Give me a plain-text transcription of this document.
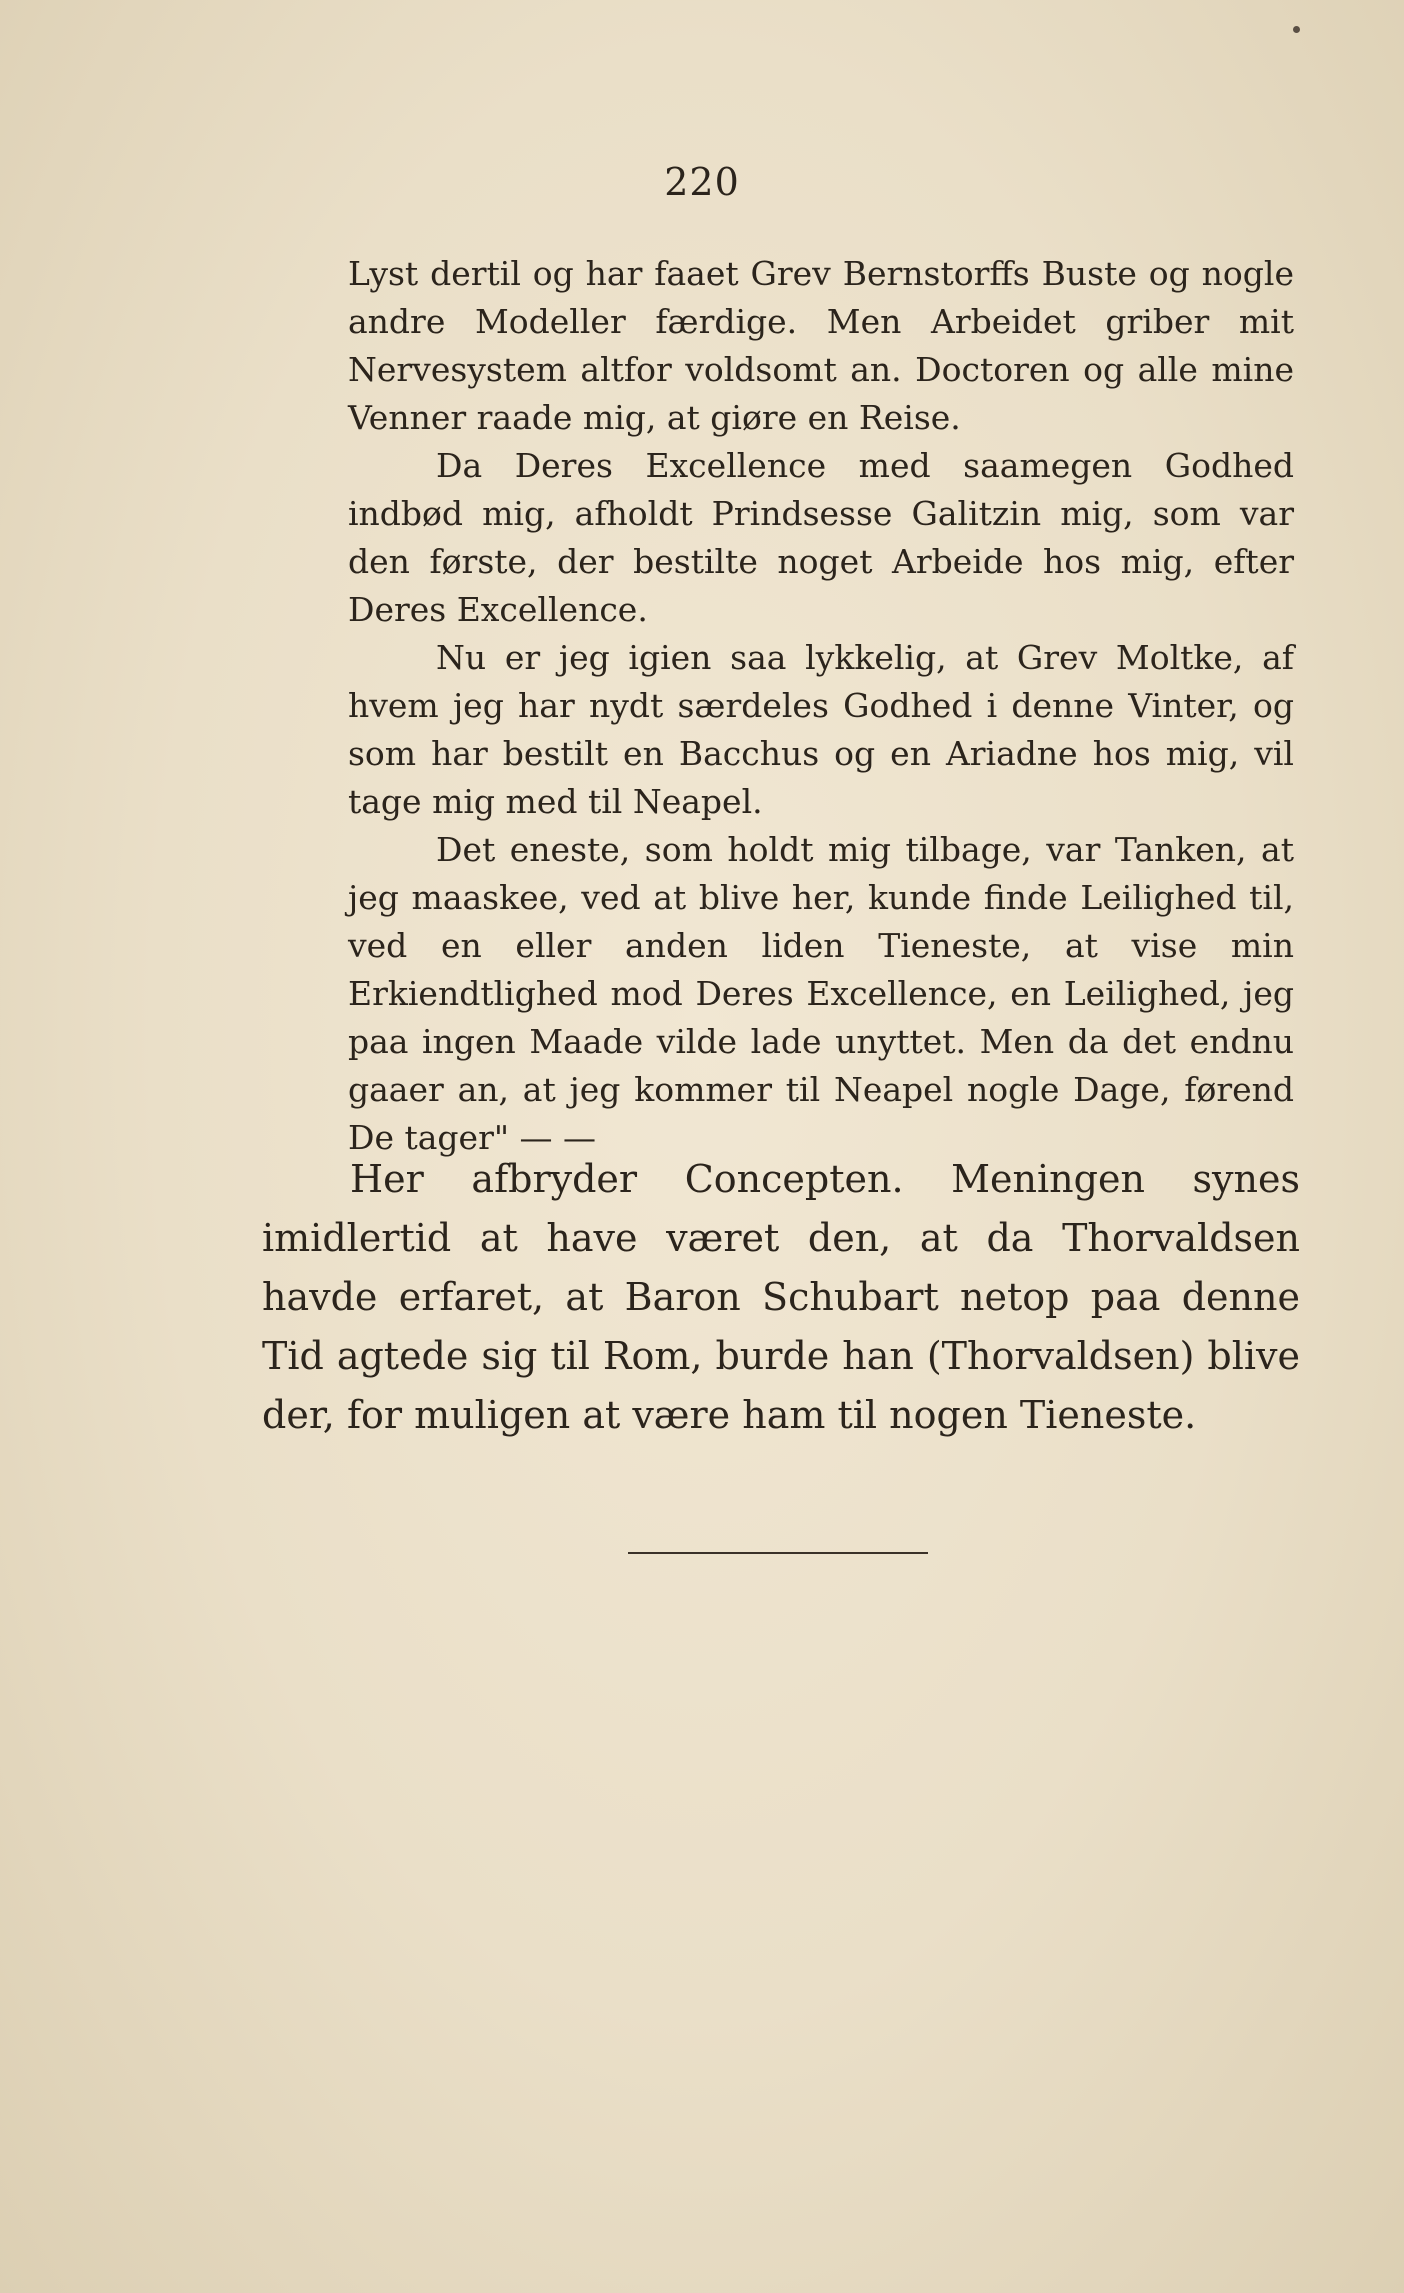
220

Lyst dertil og har faaet Grev Bernstorffs Buste og nogle andre Modeller færdige. Men Arbeidet griber mit Nervesystem altfor voldsomt an. Doctoren og alle mine Venner raade mig, at giøre en Reise.

Da Deres Excellence med saamegen Godhed indbød mig, afholdt Prindsesse Galitzin mig, som var den første, der bestilte noget Arbeide hos mig, efter Deres Excellence.

Nu er jeg igien saa lykkelig, at Grev Moltke, af hvem jeg har nydt særdeles Godhed i denne Vinter, og som har bestilt en Bacchus og en Ariadne hos mig, vil tage mig med til Neapel.

Det eneste, som holdt mig tilbage, var Tanken, at jeg maaskee, ved at blive her, kunde finde Leilighed til, ved en eller anden liden Tieneste, at vise min Erkiendtlighed mod Deres Excellence, en Leilighed, jeg paa ingen Maade vilde lade unyttet. Men da det endnu gaaer an, at jeg kommer til Neapel nogle Dage, førend De tager" — —

Her afbryder Concepten. Meningen synes imidlertid at have været den, at da Thorvaldsen havde erfaret, at Baron Schubart netop paa denne Tid agtede sig til Rom, burde han (Thorvaldsen) blive der, for muligen at være ham til nogen Tieneste.
